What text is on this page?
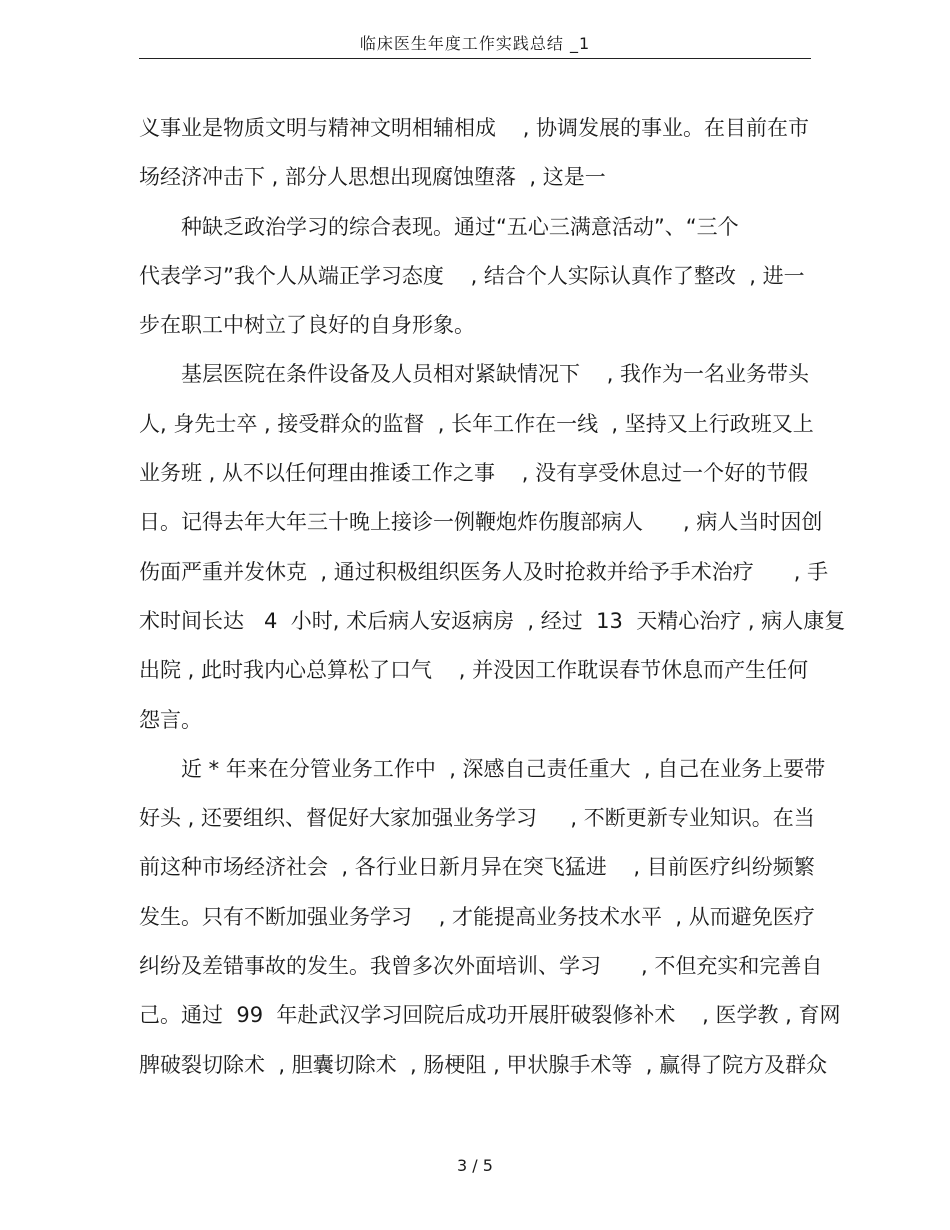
临床医生年度工作实践总结 _1
义事业是物质文明与精神文明相辅相成    , 协调发展的事业。在目前在市
场经济冲击下 , 部分人思想出现腐蚀堕落  , 这是一
种缺乏政治学习的综合表现。通过“五心三满意活动”、“三个
代表学习”我个人从端正学习态度    , 结合个人实际认真作了整改  , 进一
步在职工中树立了良好的自身形象。
基层医院在条件设备及人员相对紧缺情况下    , 我作为一名业务带头
人, 身先士卒 , 接受群众的监督  , 长年工作在一线  , 坚持又上行政班又上
业务班 , 从不以任何理由推诿工作之事    , 没有享受休息过一个好的节假
日。记得去年大年三十晚上接诊一例鞭炮炸伤腹部病人      , 病人当时因创
伤面严重并发休克  , 通过积极组织医务人及时抢救并给予手术治疗      , 手
术时间长达   4  小时, 术后病人安返病房  , 经过  13  天精心治疗 , 病人康复
出院 , 此时我内心总算松了口气    , 并没因工作耽误春节休息而产生任何
怨言。
近 * 年来在分管业务工作中  , 深感自己责任重大  , 自己在业务上要带
好头 , 还要组织、督促好大家加强业务学习     , 不断更新专业知识。在当
前这种市场经济社会  , 各行业日新月异在突飞猛进    , 目前医疗纠纷频繁
发生。只有不断加强业务学习    , 才能提高业务技术水平  , 从而避免医疗
纠纷及差错事故的发生。我曾多次外面培训、学习      , 不但充实和完善自
己。通过  99  年赴武汉学习回院后成功开展肝破裂修补术    , 医学教 , 育网
脾破裂切除术  , 胆囊切除术  , 肠梗阻 , 甲状腺手术等  , 赢得了院方及群众
3 / 5
